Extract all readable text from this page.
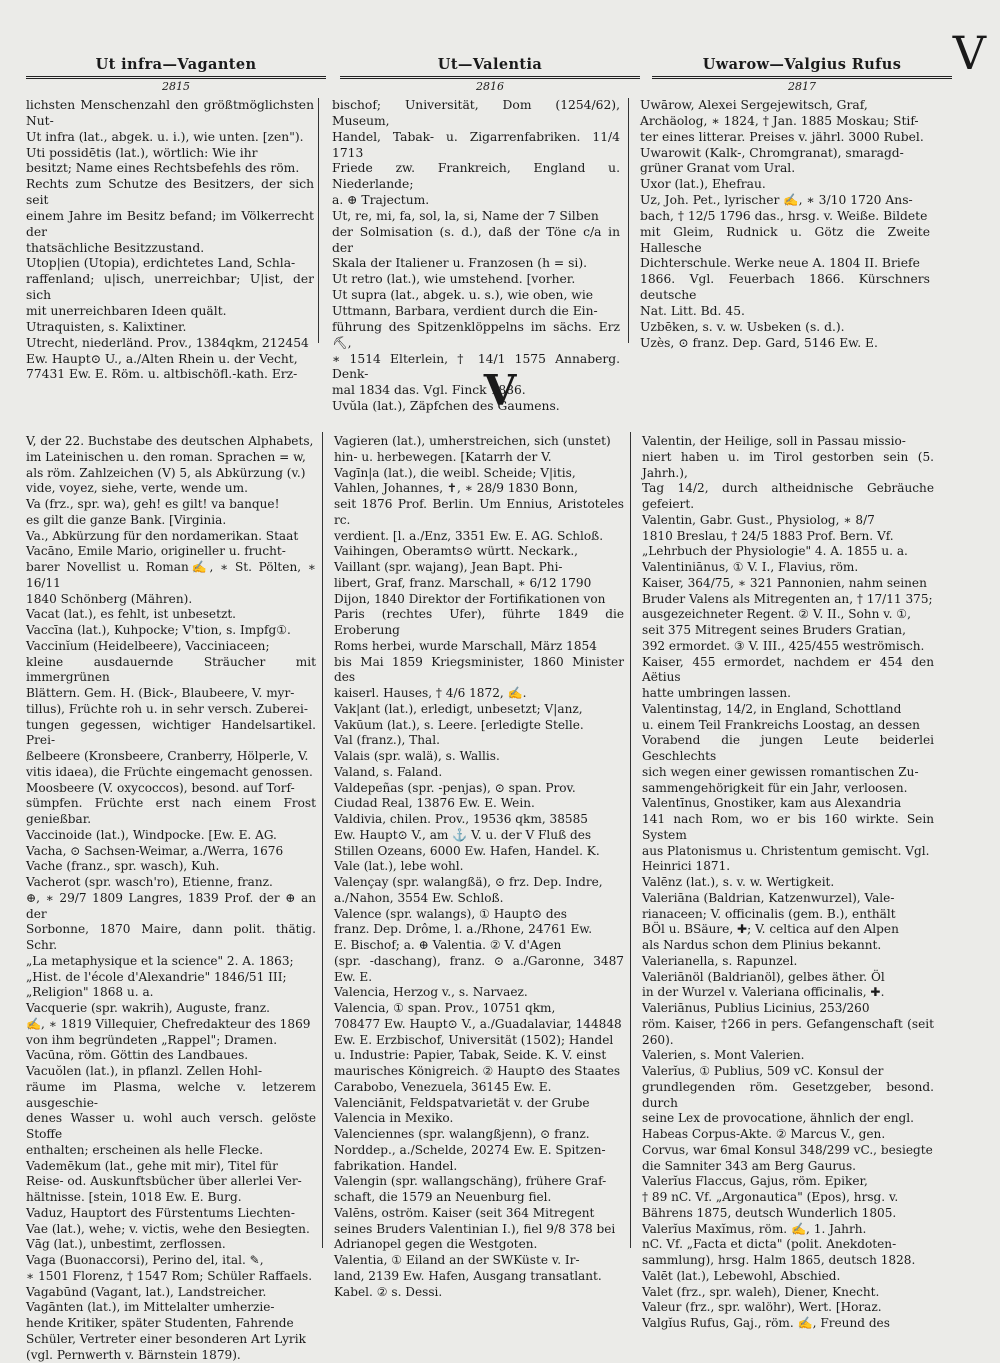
Ut infra—Vaganten
2815
Ut—Valentia
2816
Uwarow—Valgius Rufus
2817
V

lichsten Menschenzahl den größtmöglichsten Nut-

Ut infra (lat., abgek. u. i.), wie unten. [zen").

Uti possidētis (lat.), wörtlich: Wie ihr

besitzt; Name eines Rechtsbefehls des röm.

Rechts zum Schutze des Besitzers, der sich seit

einem Jahre im Besitz befand; im Völkerrecht der

thatsächliche Besitzzustand.

Utop|ien (Utopia), erdichtetes Land, Schla-

raffenland; u|isch, unerreichbar; U|ist, der sich

mit unerreichbaren Ideen quält.

Utraquisten, s. Kalixtiner.

Utrecht, niederländ. Prov., 1384qkm, 212454

Ew. Haupt⊙ U., a./Alten Rhein u. der Vecht,

77431 Ew. E. Röm. u. altbischöfl.-kath. Erz-

bischof; Universität, Dom (1254/62), Museum,

Handel, Tabak- u. Zigarrenfabriken. 11/4 1713

Friede zw. Frankreich, England u. Niederlande;

a. ⊕ Trajectum.

Ut, re, mi, fa, sol, la, si, Name der 7 Silben

der Solmisation (s. d.), daß der Töne c/a in der

Skala der Italiener u. Franzosen (h = si).

Ut retro (lat.), wie umstehend. [vorher.

Ut supra (lat., abgek. u. s.), wie oben, wie

Uttmann, Barbara, verdient durch die Ein-

führung des Spitzenklöppelns im sächs. Erz⛏,

∗ 1514 Elterlein, † 14/1 1575 Annaberg. Denk-

mal 1834 das. Vgl. Finck 1886.

Uvŭla (lat.), Zäpfchen des Gaumens.

Uwārow, Alexei Sergejewitsch, Graf,

Archäolog, ∗ 1824, † Jan. 1885 Moskau; Stif-

ter eines litterar. Preises v. jährl. 3000 Rubel.

Uwarowit (Kalk-, Chromgranat), smaragd-

grüner Granat vom Ural.

Uxor (lat.), Ehefrau.

Uz, Joh. Pet., lyrischer ✍, ∗ 3/10 1720 Ans-

bach, † 12/5 1796 das., hrsg. v. Weiße. Bildete

mit Gleim, Rudnick u. Götz die Zweite Hallesche

Dichterschule. Werke neue A. 1804 II. Briefe

1866. Vgl. Feuerbach 1866. Kürschners deutsche

Nat. Litt. Bd. 45.

Uzbēken, s. v. w. Usbeken (s. d.).

Uzès, ⊙ franz. Dep. Gard, 5146 Ew. E.

V

V, der 22. Buchstabe des deutschen Alphabets,

im Lateinischen u. den roman. Sprachen = w,

als röm. Zahlzeichen (V) 5, als Abkürzung (v.)

vide, voyez, siehe, verte, wende um.

Va (frz., spr. wa), geh! es gilt! va banque!

es gilt die ganze Bank. [Virginia.

Va., Abkürzung für den nordamerikan. Staat

Vacāno, Emile Mario, origineller u. frucht-

barer Novellist u. Roman✍, ∗ St. Pölten, ∗ 16/11

1840 Schönberg (Mähren).

Vacat (lat.), es fehlt, ist unbesetzt.

Vaccīna (lat.), Kuhpocke; V'tion, s. Impfg①.

Vaccinĭum (Heidelbeere), Vacciniaceen;

kleine ausdauernde Sträucher mit immergrünen

Blättern. Gem. H. (Bick-, Blaubeere, V. myr-

tillus), Früchte roh u. in sehr versch. Zuberei-

tungen gegessen, wichtiger Handelsartikel. Prei-

ßelbeere (Kronsbeere, Cranberry, Hölperle, V.

vitis idaea), die Früchte eingemacht genossen.

Moosbeere (V. oxycoccos), besond. auf Torf-

sümpfen. Früchte erst nach einem Frost genießbar.

Vaccinoide (lat.), Windpocke. [Ew. E. AG.

Vacha, ⊙ Sachsen-Weimar, a./Werra, 1676

Vache (franz., spr. wasch), Kuh.

Vacherot (spr. wasch'ro), Etienne, franz.

⊕, ∗ 29/7 1809 Langres, 1839 Prof. der ⊕ an der

Sorbonne, 1870 Maire, dann polit. thätig. Schr.

„La metaphysique et la science" 2. A. 1863;

„Hist. de l'école d'Alexandrie" 1846/51 III;

„Religion" 1868 u. a.

Vacquerie (spr. wakrih), Auguste, franz.

✍, ∗ 1819 Villequier, Chefredakteur des 1869

von ihm begründeten „Rappel"; Dramen.

Vacūna, röm. Göttin des Landbaues.

Vacuŏlen (lat.), in pflanzl. Zellen Hohl-

räume im Plasma, welche v. letzerem ausgeschie-

denes Wasser u. wohl auch versch. gelöste Stoffe

enthalten; erscheinen als helle Flecke.

Vademēkum (lat., gehe mit mir), Titel für

Reise- od. Auskunftsbücher über allerlei Ver-

hältnisse. [stein, 1018 Ew. E. Burg.

Vaduz, Hauptort des Fürstentums Liechten-

Vae (lat.), wehe; v. victis, wehe den Besiegten.

Vāg (lat.), unbestimt, zerflossen.

Vaga (Buonaccorsi), Perino del, ital. ✎,

∗ 1501 Florenz, † 1547 Rom; Schüler Raffaels.

Vagabūnd (Vagant, lat.), Landstreicher.

Vagānten (lat.), im Mittelalter umherzie-

hende Kritiker, später Studenten, Fahrende

Schüler, Vertreter einer besonderen Art Lyrik

(vgl. Pernwerth v. Bärnstein 1879).

Vagieren (lat.), umherstreichen, sich (unstet)

hin- u. herbewegen. [Katarrh der V.

Vagīn|a (lat.), die weibl. Scheide; V|itis,

Vahlen, Johannes, ✝, ∗ 28/9 1830 Bonn,

seit 1876 Prof. Berlin. Um Ennius, Aristoteles rc.

verdient. [l. a./Enz, 3351 Ew. E. AG. Schloß.

Vaihingen, Oberamts⊙ württ. Neckark.,

Vaillant (spr. wajang), Jean Bapt. Phi-

libert, Graf, franz. Marschall, ∗ 6/12 1790

Dijon, 1840 Direktor der Fortifikationen von

Paris (rechtes Ufer), führte 1849 die Eroberung

Roms herbei, wurde Marschall, März 1854

bis Mai 1859 Kriegsminister, 1860 Minister des

kaiserl. Hauses, † 4/6 1872, ✍.

Vak|ant (lat.), erledigt, unbesetzt; V|anz,

Vakūum (lat.), s. Leere. [erledigte Stelle.

Val (franz.), Thal.

Valais (spr. walä), s. Wallis.

Valand, s. Faland.

Valdepeñas (spr. -penjas), ⊙ span. Prov.

Ciudad Real, 13876 Ew. E. Wein.

Valdivia, chilen. Prov., 19536 qkm, 38585

Ew. Haupt⊙ V., am ⚓ V. u. der V Fluß des

Stillen Ozeans, 6000 Ew. Hafen, Handel. K.

Vale (lat.), lebe wohl.

Valençay (spr. walangßä), ⊙ frz. Dep. Indre,

a./Nahon, 3554 Ew. Schloß.

Valence (spr. walangs), ① Haupt⊙ des

franz. Dep. Drôme, l. a./Rhone, 24761 Ew.

E. Bischof; a. ⊕ Valentia. ② V. d'Agen

(spr. -daschang), franz. ⊙ a./Garonne, 3487 Ew. E.

Valencia, Herzog v., s. Narvaez.

Valencia, ① span. Prov., 10751 qkm,

708477 Ew. Haupt⊙ V., a./Guadalaviar, 144848

Ew. E. Erzbischof, Universität (1502); Handel

u. Industrie: Papier, Tabak, Seide. K. V. einst

maurisches Königreich. ② Haupt⊙ des Staates

Carabobo, Venezuela, 36145 Ew. E.

Valenciānit, Feldspatvarietät v. der Grube

Valencia in Mexiko.

Valenciennes (spr. walangßjenn), ⊙ franz.

Norddep., a./Schelde, 20274 Ew. E. Spitzen-

fabrikation. Handel.

Valengin (spr. wallangschäng), frühere Graf-

schaft, die 1579 an Neuenburg fiel.

Valēns, oström. Kaiser (seit 364 Mitregent

seines Bruders Valentinian I.), fiel 9/8 378 bei

Adrianopel gegen die Westgoten.

Valentia, ① Eiland an der SWKüste v. Ir-

land, 2139 Ew. Hafen, Ausgang transatlant.

Kabel. ② s. Dessi.

Valentin, der Heilige, soll in Passau missio-

niert haben u. im Tirol gestorben sein (5. Jahrh.),

Tag 14/2, durch altheidnische Gebräuche gefeiert.

Valentin, Gabr. Gust., Physiolog, ∗ 8/7

1810 Breslau, † 24/5 1883 Prof. Bern. Vf.

„Lehrbuch der Physiologie" 4. A. 1855 u. a.

Valentiniānus, ① V. I., Flavius, röm.

Kaiser, 364/75, ∗ 321 Pannonien, nahm seinen

Bruder Valens als Mitregenten an, † 17/11 375;

ausgezeichneter Regent. ② V. II., Sohn v. ①,

seit 375 Mitregent seines Bruders Gratian,

392 ermordet. ③ V. III., 425/455 weströmisch.

Kaiser, 455 ermordet, nachdem er 454 den Aëtius

hatte umbringen lassen.

Valentinstag, 14/2, in England, Schottland

u. einem Teil Frankreichs Loostag, an dessen

Vorabend die jungen Leute beiderlei Geschlechts

sich wegen einer gewissen romantischen Zu-

sammengehörigkeit für ein Jahr, verloosen.

Valentīnus, Gnostiker, kam aus Alexandria

141 nach Rom, wo er bis 160 wirkte. Sein System

aus Platonismus u. Christentum gemischt. Vgl.

Heinrici 1871.

Valēnz (lat.), s. v. w. Wertigkeit.

Valeriāna (Baldrian, Katzenwurzel), Vale-

rianaceen; V. officinalis (gem. B.), enthält

BÖl u. BSäure, ✚; V. celtica auf den Alpen

als Nardus schon dem Plinius bekannt.

Valerianella, s. Rapunzel.

Valeriānöl (Baldrianöl), gelbes äther. Öl

in der Wurzel v. Valeriana officinalis, ✚.

Valeriānus, Publius Licinius, 253/260

röm. Kaiser, †266 in pers. Gefangenschaft (seit 260).

Valerien, s. Mont Valerien.

Valerĭus, ① Publius, 509 vC. Konsul der

grundlegenden röm. Gesetzgeber, besond. durch

seine Lex de provocatione, ähnlich der engl.

Habeas Corpus-Akte. ② Marcus V., gen.

Corvus, war 6mal Konsul 348/299 vC., besiegte

die Samniter 343 am Berg Gaurus.

Valerĭus Flaccus, Gajus, röm. Epiker,

† 89 nC. Vf. „Argonautica" (Epos), hrsg. v.

Bährens 1875, deutsch Wunderlich 1805.

Valerĭus Maxĭmus, röm. ✍, 1. Jahrh.

nC. Vf. „Facta et dicta" (polit. Anekdoten-

sammlung), hrsg. Halm 1865, deutsch 1828.

Valēt (lat.), Lebewohl, Abschied.

Valet (frz., spr. waleh), Diener, Knecht.

Valeur (frz., spr. walöhr), Wert. [Horaz.

Valgĭus Rufus, Gaj., röm. ✍, Freund des
